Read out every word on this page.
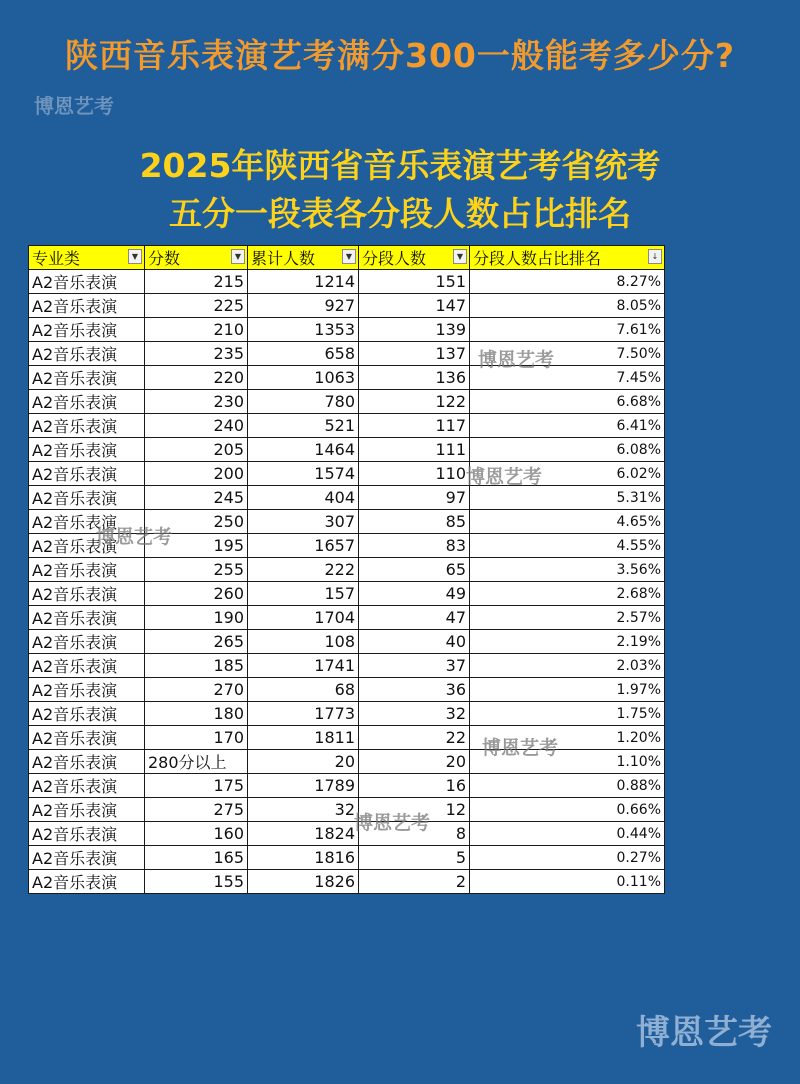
陕西音乐表演艺考满分300一般能考多少分?
博恩艺考
2025年陕西省音乐表演艺考省统考
五分一段表各分段人数占比排名
专业类 ▼	分数 ▼	累计人数 ▼	分段人数 ▼	分段人数占比排名 ↓

A2音乐表演	215	1214	151	8.27%
A2音乐表演	225	927	147	8.05%
A2音乐表演	210	1353	139	7.61%
A2音乐表演	235	658	137	7.50%
A2音乐表演	220	1063	136	7.45%
A2音乐表演	230	780	122	6.68%
A2音乐表演	240	521	117	6.41%
A2音乐表演	205	1464	111	6.08%
A2音乐表演	200	1574	110	6.02%
A2音乐表演	245	404	97	5.31%
A2音乐表演	250	307	85	4.65%
A2音乐表演	195	1657	83	4.55%
A2音乐表演	255	222	65	3.56%
A2音乐表演	260	157	49	2.68%
A2音乐表演	190	1704	47	2.57%
A2音乐表演	265	108	40	2.19%
A2音乐表演	185	1741	37	2.03%
A2音乐表演	270	68	36	1.97%
A2音乐表演	180	1773	32	1.75%
A2音乐表演	170	1811	22	1.20%
A2音乐表演	280分以上	20	20	1.10%
A2音乐表演	175	1789	16	0.88%
A2音乐表演	275	32	12	0.66%
A2音乐表演	160	1824	8	0.44%
A2音乐表演	165	1816	5	0.27%
A2音乐表演	155	1826	2	0.11%
博恩艺考
博恩艺考
博恩艺考
博恩艺考
博恩艺考
博恩艺考
